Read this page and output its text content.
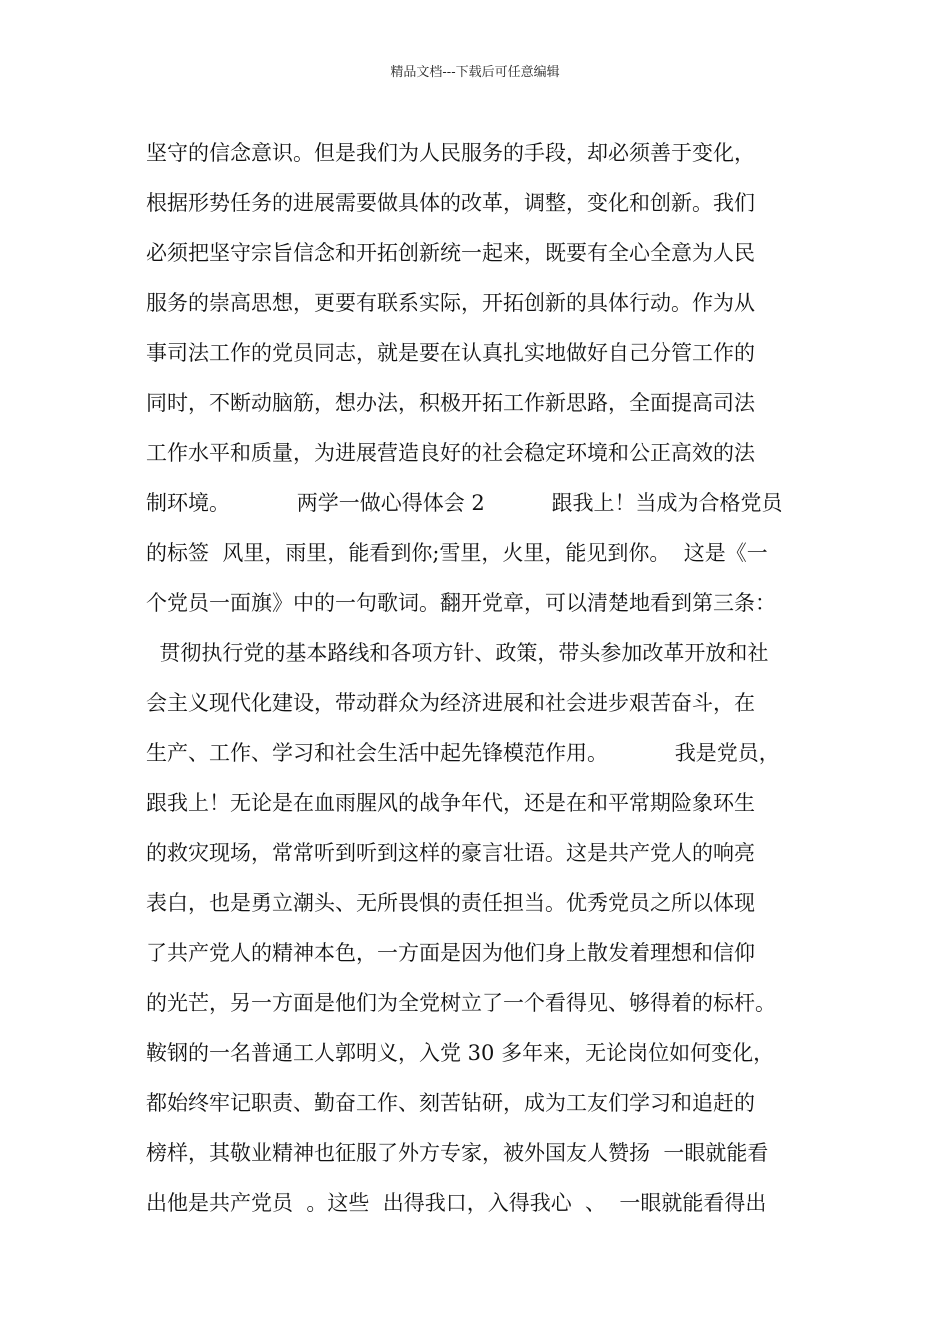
精品文档---下载后可任意编辑
坚守的信念意识。但是我们为人民服务的手段，却必须善于变化，
根据形势任务的进展需要做具体的改革，调整，变化和创新。我们
必须把坚守宗旨信念和开拓创新统一起来，既要有全心全意为人民
服务的崇高思想，更要有联系实际，开拓创新的具体行动。作为从
事司法工作的党员同志，就是要在认真扎实地做好自己分管工作的
同时，不断动脑筋，想办法，积极开拓工作新思路，全面提高司法
工作水平和质量，为进展营造良好的社会稳定环境和公正高效的法
制环境。          两学一做心得体会 2          跟我上！当成为合格党员
的标签  风里，雨里，能看到你;雪里，火里，能见到你。  这是《一
个党员一面旗》中的一句歌词。翻开党章，可以清楚地看到第三条：
贯彻执行党的基本路线和各项方针、政策，带头参加改革开放和社
会主义现代化建设，带动群众为经济进展和社会进步艰苦奋斗，在
生产、工作、学习和社会生活中起先锋模范作用。          我是党员，
跟我上！无论是在血雨腥风的战争年代，还是在和平常期险象环生
的救灾现场，常常听到听到这样的豪言壮语。这是共产党人的响亮
表白，也是勇立潮头、无所畏惧的责任担当。优秀党员之所以体现
了共产党人的精神本色，一方面是因为他们身上散发着理想和信仰
的光芒，另一方面是他们为全党树立了一个看得见、够得着的标杆。
鞍钢的一名普通工人郭明义，入党 30 多年来，无论岗位如何变化，
都始终牢记职责、勤奋工作、刻苦钻研，成为工友们学习和追赶的
榜样，其敬业精神也征服了外方专家，被外国友人赞扬  一眼就能看
出他是共产党员  。这些  出得我口，入得我心  、  一眼就能看得出
